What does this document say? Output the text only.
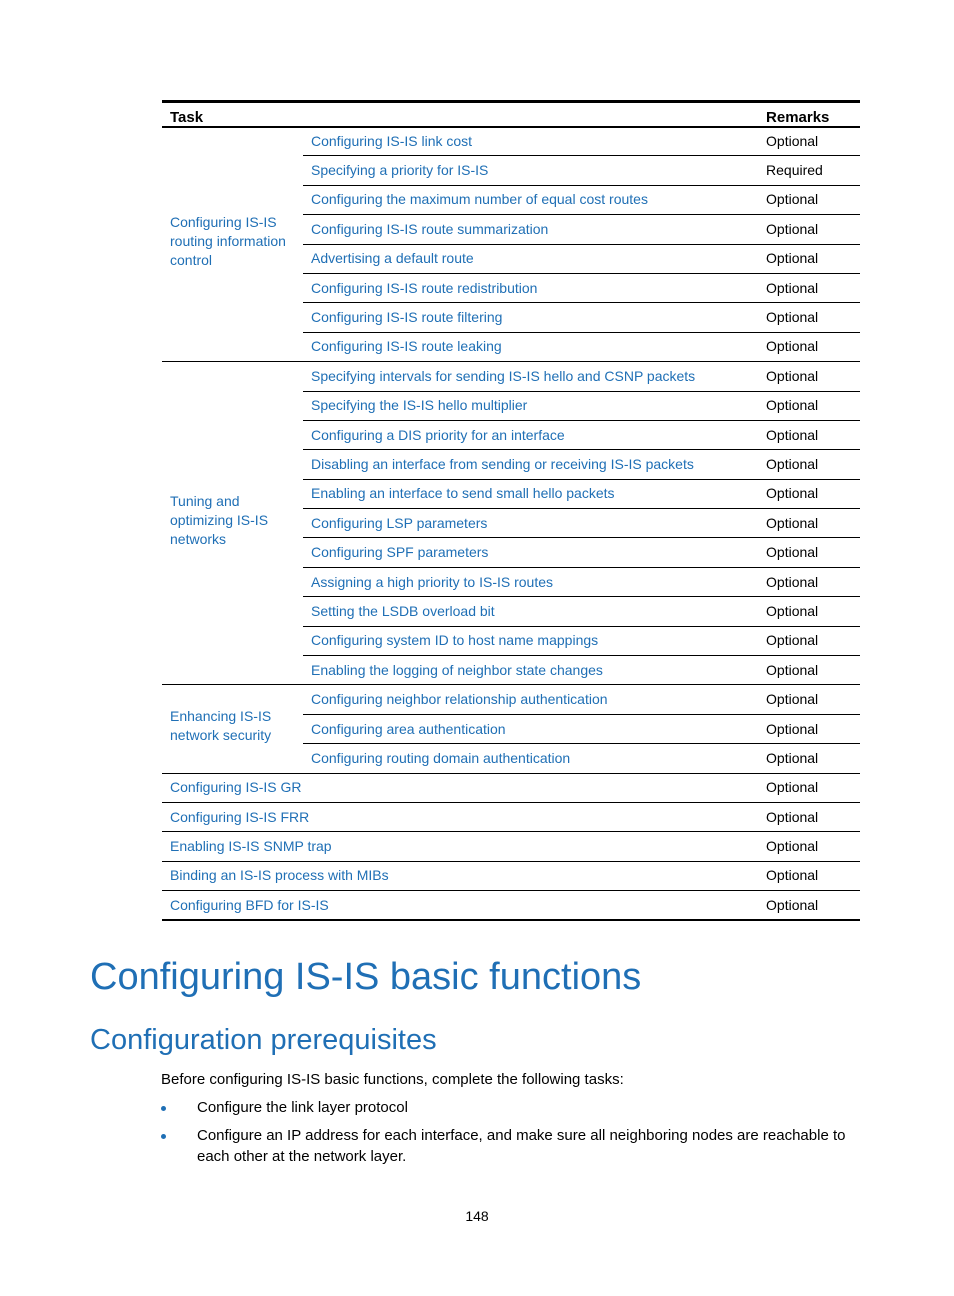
Task		Remarks

Configuring IS-IS routing information control	Configuring IS-IS link cost	Optional
	Specifying a priority for IS-IS	Required
	Configuring the maximum number of equal cost routes	Optional
	Configuring IS-IS route summarization	Optional
	Advertising a default route	Optional
	Configuring IS-IS route redistribution	Optional
	Configuring IS-IS route filtering	Optional
	Configuring IS-IS route leaking	Optional

Tuning and optimizing IS-IS networks	Specifying intervals for sending IS-IS hello and CSNP packets	Optional
	Specifying the IS-IS hello multiplier	Optional
	Configuring a DIS priority for an interface	Optional
	Disabling an interface from sending or receiving IS-IS packets	Optional
	Enabling an interface to send small hello packets	Optional
	Configuring LSP parameters	Optional
	Configuring SPF parameters	Optional
	Assigning a high priority to IS-IS routes	Optional
	Setting the LSDB overload bit	Optional
	Configuring system ID to host name mappings	Optional
	Enabling the logging of neighbor state changes	Optional

Enhancing IS-IS network security	Configuring neighbor relationship authentication	Optional
	Configuring area authentication	Optional
	Configuring routing domain authentication	Optional
Configuring IS-IS GR		Optional
Configuring IS-IS FRR		Optional
Enabling IS-IS SNMP trap		Optional
Binding an IS-IS process with MIBs		Optional
Configuring BFD for IS-IS		Optional
Configuring IS-IS basic functions
Configuration prerequisites

Before configuring IS-IS basic functions, complete the following tasks:

Configure the link layer protocol
Configure an IP address for each interface, and make sure all neighboring nodes are reachable to each other at the network layer.
148
